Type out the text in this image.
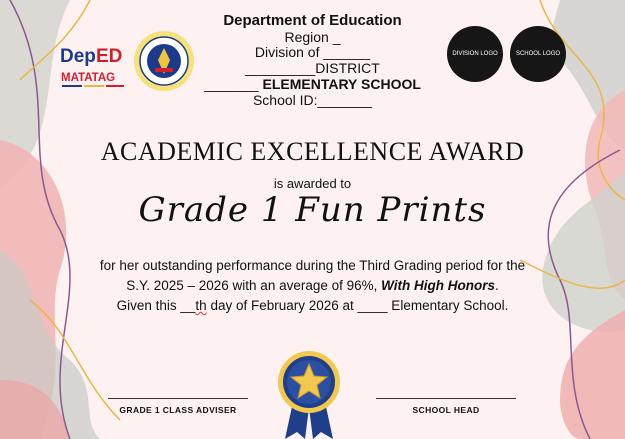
Dep ED
MATATAG
Department of Education
Region _
Division of ______
_________DISTRICT
_______ ELEMENTARY SCHOOL
School ID:_______
DIVISION LOGO	SCHOOL LOGO
ACADEMIC EXCELLENCE AWARD
is awarded to
Grade 1 Fun Prints
for her outstanding performance during the Third Grading period for the
S.Y. 2025 – 2026 with an average of 96%, With High Honors.
Given this __th day of February 2026 at ____ Elementary School.
GRADE 1 CLASS ADVISER	SCHOOL HEAD
